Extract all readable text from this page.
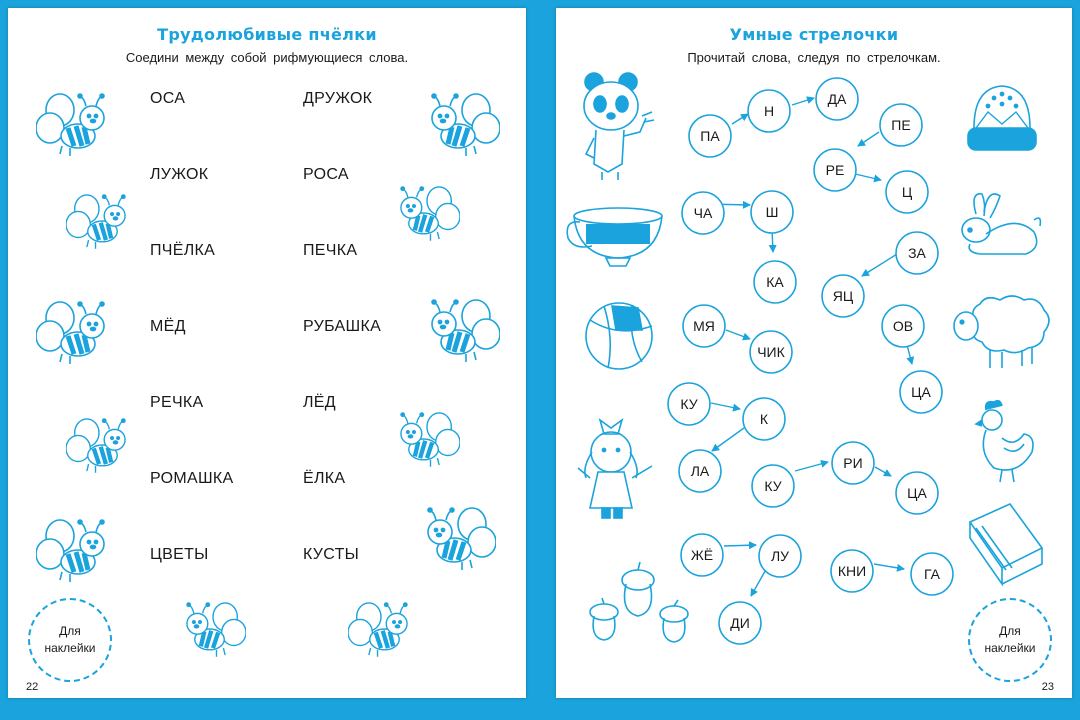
Трудолюбивые пчёлки
Соедини между собой рифмующиеся слова.
ОСА
ЛУЖОК
ПЧЁЛКА
МЁД
РЕЧКА
РОМАШКА
ЦВЕТЫ
ДРУЖОК
РОСА
ПЕЧКА
РУБАШКА
ЛЁД
ЁЛКА
КУСТЫ
Для
наклейки
22
Умные стрелочки
Прочитай слова, следуя по стрелочкам.
ПА
Н
ДА
ПЕ
РЕ
Ц
ЧА	Ш
КА
ЗА
ЯЦ
МЯ
ЧИК
ОВ
ЦА
КУ
К
ЛА
КУ
РИ
ЦА
ЖЁ	ЛУ
ДИ
КНИ	ГА
Для
наклейки
23
